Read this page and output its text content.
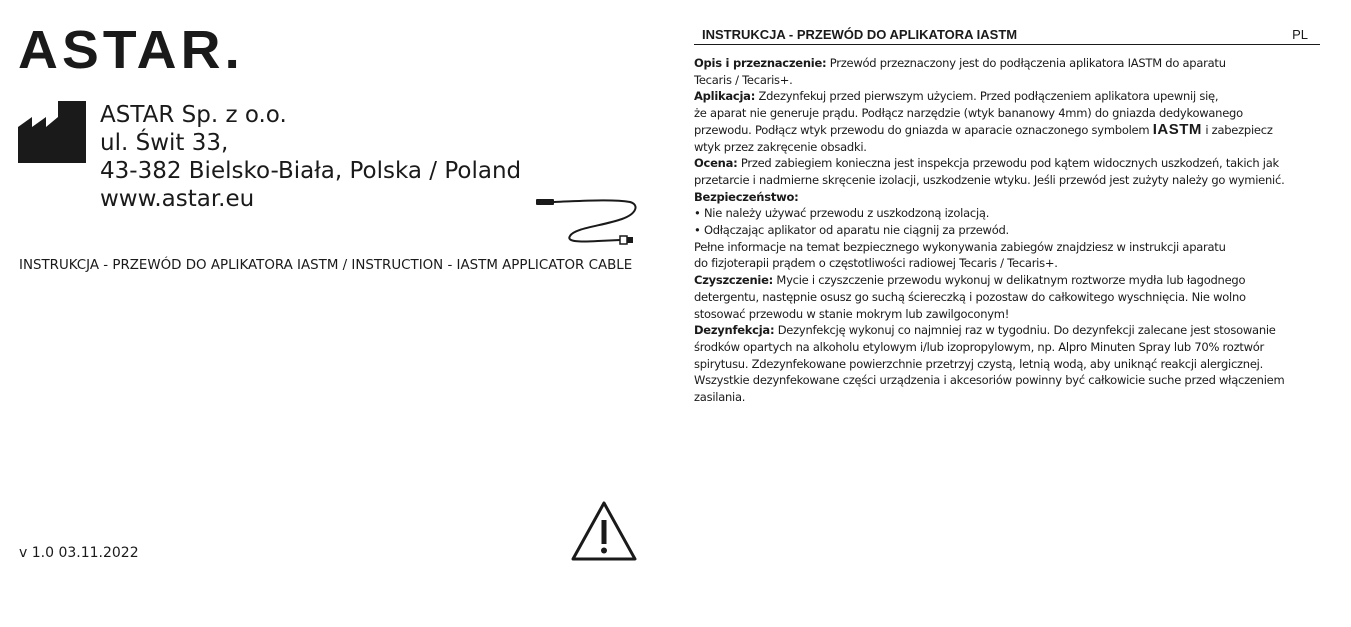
ASTAR.
ASTAR Sp. z o.o.
ul. Świt 33,
43-382 Bielsko-Biała, Polska / Poland
www.astar.eu
INSTRUKCJA - PRZEWÓD DO APLIKATORA IASTM / INSTRUCTION - IASTM APPLICATOR CABLE
v 1.0 03.11.2022
INSTRUKCJA - PRZEWÓD DO APLIKATORA IASTM	PL

Opis i przeznaczenie: Przewód przeznaczony jest do podłączenia aplikatora IASTM do aparatu

Tecaris / Tecaris+.

Aplikacja: Zdezynfekuj przed pierwszym użyciem. Przed podłączeniem aplikatora upewnij się,

że aparat nie generuje prądu. Podłącz narzędzie (wtyk bananowy 4mm) do gniazda dedykowanego

przewodu. Podłącz wtyk przewodu do gniazda w aparacie oznaczonego symbolem IASTM i zabezpiecz

wtyk przez zakręcenie obsadki.

Ocena: Przed zabiegiem konieczna jest inspekcja przewodu pod kątem widocznych uszkodzeń, takich jak

przetarcie i nadmierne skręcenie izolacji, uszkodzenie wtyku. Jeśli przewód jest zużyty należy go wymienić.

Bezpieczeństwo:

• Nie należy używać przewodu z uszkodzoną izolacją.

• Odłączając aplikator od aparatu nie ciągnij za przewód.

Pełne informacje na temat bezpiecznego wykonywania zabiegów znajdziesz w instrukcji aparatu

do fizjoterapii prądem o częstotliwości radiowej Tecaris / Tecaris+.

Czyszczenie: Mycie i czyszczenie przewodu wykonuj w delikatnym roztworze mydła lub łagodnego

detergentu, następnie osusz go suchą ściereczką i pozostaw do całkowitego wyschnięcia. Nie wolno

stosować przewodu w stanie mokrym lub zawilgoconym!

Dezynfekcja: Dezynfekcję wykonuj co najmniej raz w tygodniu. Do dezynfekcji zalecane jest stosowanie

środków opartych na alkoholu etylowym i/lub izopropylowym, np. Alpro Minuten Spray lub 70% roztwór

spirytusu. Zdezynfekowane powierzchnie przetrzyj czystą, letnią wodą, aby uniknąć reakcji alergicznej.

Wszystkie dezynfekowane części urządzenia i akcesoriów powinny być całkowicie suche przed włączeniem

zasilania.
